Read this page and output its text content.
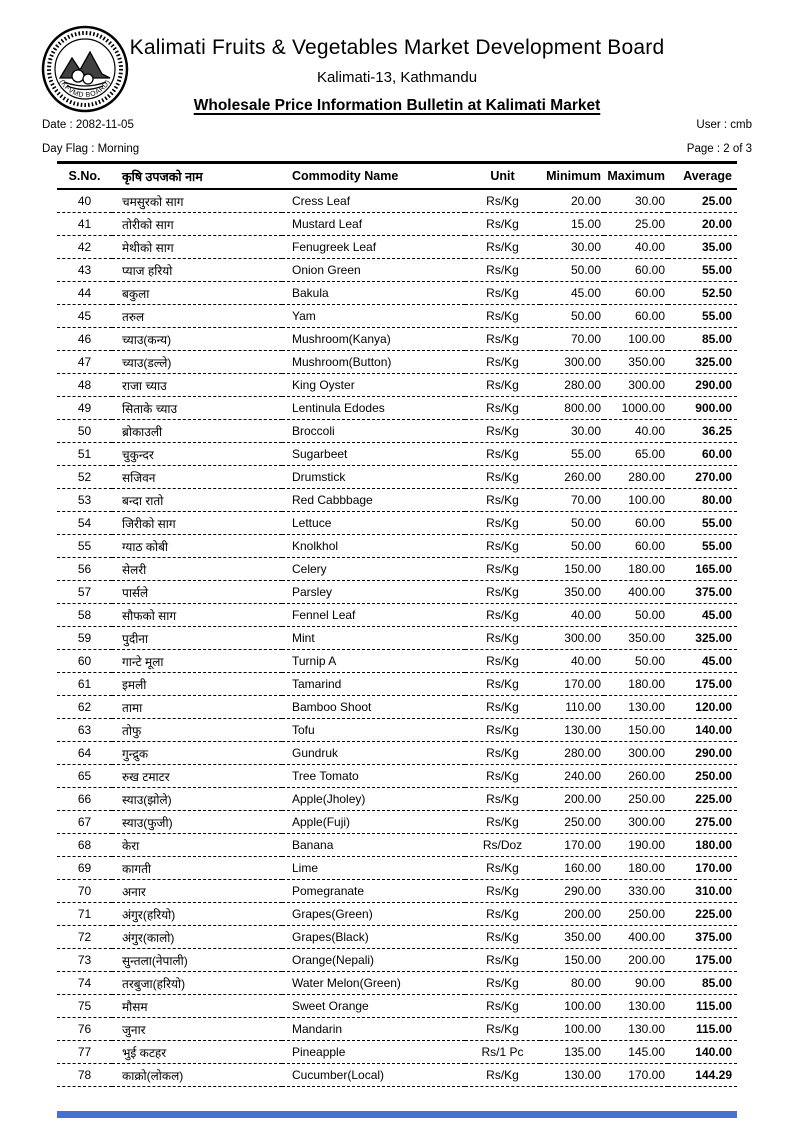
(KFVMD BOARD)
Kalimati Fruits & Vegetables Market Development Board
Kalimati-13, Kathmandu
Wholesale Price Information Bulletin at Kalimati Market
Date : 2082-11-05	User : cmb
Day Flag : Morning	Page : 2 of 3
S.No.	कृषि उपजको नाम	Commodity Name	Unit	Minimum	Maximum	Average
40	चमसुरको साग	Cress Leaf	Rs/Kg	20.00	30.00	25.00
41	तोरीको साग	Mustard Leaf	Rs/Kg	15.00	25.00	20.00
42	मेथीको साग	Fenugreek Leaf	Rs/Kg	30.00	40.00	35.00
43	प्याज हरियो	Onion Green	Rs/Kg	50.00	60.00	55.00
44	बकुला	Bakula	Rs/Kg	45.00	60.00	52.50
45	तरुल	Yam	Rs/Kg	50.00	60.00	55.00
46	च्याउ(कन्य)	Mushroom(Kanya)	Rs/Kg	70.00	100.00	85.00
47	च्याउ(डल्ले)	Mushroom(Button)	Rs/Kg	300.00	350.00	325.00
48	राजा च्याउ	King Oyster	Rs/Kg	280.00	300.00	290.00
49	सिताके च्याउ	Lentinula Edodes	Rs/Kg	800.00	1000.00	900.00
50	ब्रोकाउली	Broccoli	Rs/Kg	30.00	40.00	36.25
51	चुकुन्दर	Sugarbeet	Rs/Kg	55.00	65.00	60.00
52	सजिवन	Drumstick	Rs/Kg	260.00	280.00	270.00
53	बन्दा रातो	Red Cabbbage	Rs/Kg	70.00	100.00	80.00
54	जिरीको साग	Lettuce	Rs/Kg	50.00	60.00	55.00
55	ग्याठ कोबी	Knolkhol	Rs/Kg	50.00	60.00	55.00
56	सेलरी	Celery	Rs/Kg	150.00	180.00	165.00
57	पार्सले	Parsley	Rs/Kg	350.00	400.00	375.00
58	सौफको साग	Fennel Leaf	Rs/Kg	40.00	50.00	45.00
59	पुदीना	Mint	Rs/Kg	300.00	350.00	325.00
60	गान्टे मूला	Turnip A	Rs/Kg	40.00	50.00	45.00
61	इमली	Tamarind	Rs/Kg	170.00	180.00	175.00
62	तामा	Bamboo Shoot	Rs/Kg	110.00	130.00	120.00
63	तोफु	Tofu	Rs/Kg	130.00	150.00	140.00
64	गुन्द्रुक	Gundruk	Rs/Kg	280.00	300.00	290.00
65	रुख टमाटर	Tree Tomato	Rs/Kg	240.00	260.00	250.00
66	स्याउ(झोले)	Apple(Jholey)	Rs/Kg	200.00	250.00	225.00
67	स्याउ(फुजी)	Apple(Fuji)	Rs/Kg	250.00	300.00	275.00
68	केरा	Banana	Rs/Doz	170.00	190.00	180.00
69	कागती	Lime	Rs/Kg	160.00	180.00	170.00
70	अनार	Pomegranate	Rs/Kg	290.00	330.00	310.00
71	अंगुर(हरियो)	Grapes(Green)	Rs/Kg	200.00	250.00	225.00
72	अंगुर(कालो)	Grapes(Black)	Rs/Kg	350.00	400.00	375.00
73	सुन्तला(नेपाली)	Orange(Nepali)	Rs/Kg	150.00	200.00	175.00
74	तरबुजा(हरियो)	Water Melon(Green)	Rs/Kg	80.00	90.00	85.00
75	मौसम	Sweet Orange	Rs/Kg	100.00	130.00	115.00
76	जुनार	Mandarin	Rs/Kg	100.00	130.00	115.00
77	भुई कटहर	Pineapple	Rs/1 Pc	135.00	145.00	140.00
78	काक्रो(लोकल)	Cucumber(Local)	Rs/Kg	130.00	170.00	144.29
